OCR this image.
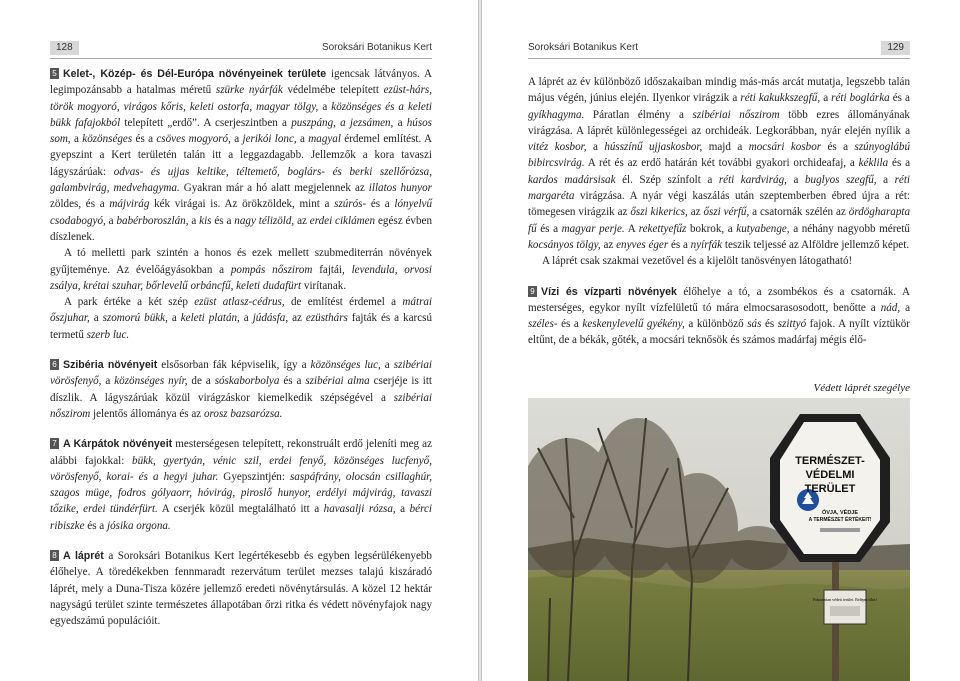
128	Soroksári Botanikus Kert

5 Kelet-, Közép- és Dél-Európa növényeinek területe igencsak látványos. A legimpozánsabb a hatalmas méretű szürke nyárfák védelmébe telepített ezüst-hárs, török mogyoró, virágos kőris, keleti ostorfa, magyar tölgy, a közönséges és a keleti bükk fafajokból telepített „erdő”. A cserjeszintben a puszpáng, a jezsámen, a húsos som, a közönséges és a csöves mogyoró, a jerikói lonc, a magyal érdemel említést. A gyepszint a Kert területén talán itt a leggazdagabb. Jellemzők a kora tavaszi lágyszárúak: odvas- és ujjas keltike, téltemető, boglárs- és berki szellőrózsa, galambvirág, medvehagyma. Gyakran már a hó alatt megjelennek az illatos hunyor zöldes, és a májvirág kék virágai is. Az örökzöldek, mint a szúrós- és a lónyelvű csodabogyó, a babérboroszlán, a kis és a nagy télizöld, az erdei ciklámen egész évben díszlenek.

A tó melletti park szintén a honos és ezek mellett szubmediterrán növények gyűjteménye. Az évelőágyásokban a pompás nőszirom fajtái, levendula, orvosi zsálya, krétai szuhar, bőrlevelű orbáncfű, keleti dudafürt virítanak.

A park értéke a két szép ezüst atlasz-cédrus, de említést érdemel a mátrai őszjuhar, a szomorú bükk, a keleti platán, a júdásfa, az ezüsthárs fajták és a karcsú termetű szerb luc.

6 Szibéria növényeit elsősorban fák képviselik, így a közönséges luc, a szibériai vörösfenyő, a közönséges nyír, de a sóskaborbolya és a szibériai alma cserjéje is itt díszlik. A lágyszárúak közül virágzáskor kiemelkedik szépségével a szibériai nőszirom jelentős állománya és az orosz bazsarózsa.

7 A Kárpátok növényeit mesterségesen telepített, rekonstruált erdő jeleníti meg az alábbi fajokkal: bükk, gyertyán, vénic szil, erdei fenyő, közönséges lucfenyő, vörösfenyő, korai- és a hegyi juhar. Gyepszintjén: saspáfrány, olocsán csillaghúr, szagos müge, fodros gólyaorr, hóvirág, piroslő hunyor, erdélyi májvirág, tavaszi tőzike, erdei tündérfürt. A cserjék közül megtalálható itt a havasalji rózsa, a bérci ribiszke és a jósika orgona.

8 A láprét a Soroksári Botanikus Kert legértékesebb és egyben legsérülékenyebb élőhelye. A töredékekben fennmaradt rezervátum terület mezses talajú kiszáradó láprét, mely a Duna-Tisza közére jellemző eredeti növénytársulás. A közel 12 hektár nagyságú terület szinte természetes állapotában őrzi ritka és védett növényfajok nagy egyedszámú populációit.

Soroksári Botanikus Kert	129

A láprét az év különböző időszakaiban mindig más-más arcát mutatja, legszebb talán május végén, június elején. Ilyenkor virágzik a réti kakukkszegfű, a réti boglárka és a gyíkhagyma. Páratlan élmény a szibériai nőszirom több ezres állományának virágzása. A láprét különlegességei az orchideák. Legkorábban, nyár elején nyílik a vitéz kosbor, a hússzínű ujjaskosbor, majd a mocsári kosbor és a szúnyoglábú bibircsvirág. A rét és az erdő határán két további gyakori orchideafaj, a kéklila és a kardos madársisak él. Szép színfolt a réti kardvirág, a buglyos szegfű, a réti margaréta virágzása. A nyár végi kaszálás után szeptemberben ébred újra a rét: tömegesen virágzik az őszi kikerics, az őszi vérfű, a csatornák szélén az ördögharapta fű és a magyar perje. A rekettyefűz bokrok, a kutyabenge, a néhány nagyobb méretű kocsányos tölgy, az enyves éger és a nyírfák teszik teljessé az Alföldre jellemző képet.

A láprét csak szakmai vezetővel és a kijelölt tanösvényen látogatható!

9 Vízi és vízparti növények élőhelye a tó, a zsombékos és a csatornák. A mesterséges, egykor nyílt vízfelületű tó mára elmocsarasosodott, benőtte a nád, a széles- és a keskenylevelű gyékény, a különböző sás és szittyó fajok. A nyílt víztükör eltűnt, de a békák, gőték, a mocsári teknősök és számos madárfaj mégis élő-

Védett láprét szegélye
Fokozottan védett terület. Belépni tilos!
TERMÉSZET-
VÉDELMI
TERÜLET
ÓVJA, VÉDJE
A TERMÉSZET ÉRTÉKEIT!
